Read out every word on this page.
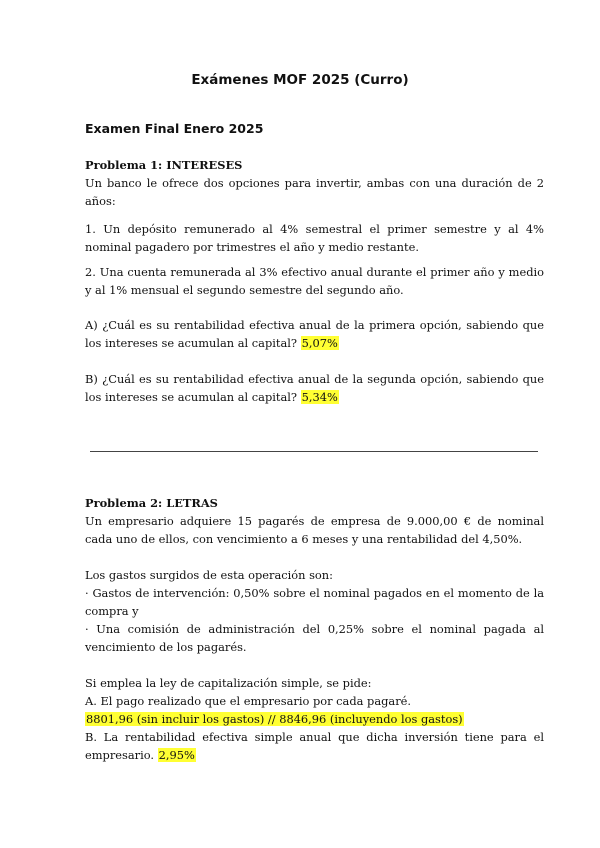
Exámenes MOF 2025 (Curro)
Examen Final Enero 2025

Problema 1: INTERESES

Un banco le ofrece dos opciones para invertir, ambas con una duración de 2 años:

1. Un depósito remunerado al 4% semestral el primer semestre y al 4% nominal pagadero por trimestres el año y medio restante.
2. Una cuenta remunerada al 3% efectivo anual durante el primer año y medio y al 1% mensual el segundo semestre del segundo año.
A) ¿Cuál es su rentabilidad efectiva anual de la primera opción, sabiendo que los intereses se acumulan al capital? 5,07%
B) ¿Cuál es su rentabilidad efectiva anual de la segunda opción, sabiendo que los intereses se acumulan al capital? 5,34%

Problema 2: LETRAS

Un empresario adquiere 15 pagarés de empresa de 9.000,00 € de nominal cada uno de ellos, con vencimiento a 6 meses y una rentabilidad del 4,50%.

Los gastos surgidos de esta operación son:

· Gastos de intervención: 0,50% sobre el nominal pagados en el momento de la compra y

· Una comisión de administración del 0,25% sobre el nominal pagada al vencimiento de los pagarés.

Si emplea la ley de capitalización simple, se pide:

A. El pago realizado que el empresario por cada pagaré.

8801,96 (sin incluir los gastos) // 8846,96 (incluyendo los gastos)

B. La rentabilidad efectiva simple anual que dicha inversión tiene para el empresario. 2,95%
